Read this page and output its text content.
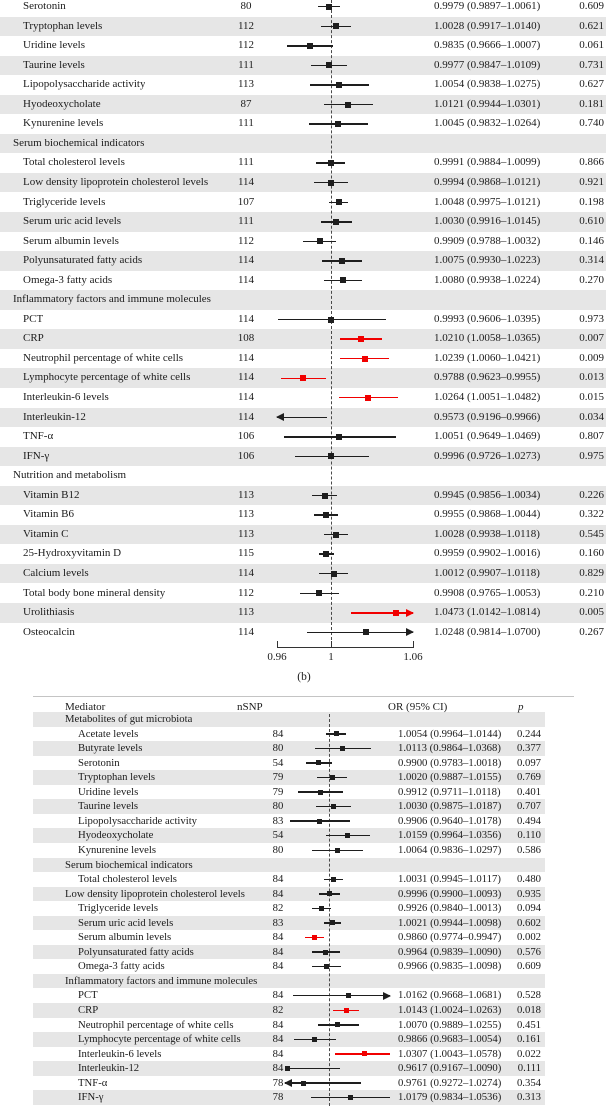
Serotonin	80	0.9979 (0.9897–1.0061)	0.609
Tryptophan levels	112	1.0028 (0.9917–1.0140)	0.621
Uridine levels	112	0.9835 (0.9666–1.0007)	0.061
Taurine levels	111	0.9977 (0.9847–1.0109)	0.731
Lipopolysaccharide activity	113	1.0054 (0.9838–1.0275)	0.627
Hyodeoxycholate	87	1.0121 (0.9944–1.0301)	0.181
Kynurenine levels	111	1.0045 (0.9832–1.0264)	0.740
Serum biochemical indicators
Total cholesterol levels	111	0.9991 (0.9884–1.0099)	0.866
Low density lipoprotein cholesterol levels	114	0.9994 (0.9868–1.0121)	0.921
Triglyceride levels	107	1.0048 (0.9975–1.0121)	0.198
Serum uric acid levels	111	1.0030 (0.9916–1.0145)	0.610
Serum albumin levels	112	0.9909 (0.9788–1.0032)	0.146
Polyunsaturated fatty acids	114	1.0075 (0.9930–1.0223)	0.314
Omega-3 fatty acids	114	1.0080 (0.9938–1.0224)	0.270
Inflammatory factors and immune molecules
PCT	114	0.9993 (0.9606–1.0395)	0.973
CRP	108	1.0210 (1.0058–1.0365)	0.007
Neutrophil percentage of white cells	114	1.0239 (1.0060–1.0421)	0.009
Lymphocyte percentage of white cells	114	0.9788 (0.9623–0.9955)	0.013
Interleukin-6 levels	114	1.0264 (1.0051–1.0482)	0.015
Interleukin-12	114	0.9573 (0.9196–0.9966)	0.034
TNF-α	106	1.0051 (0.9649–1.0469)	0.807
IFN-γ	106	0.9996 (0.9726–1.0273)	0.975
Nutrition and metabolism
Vitamin B12	113	0.9945 (0.9856–1.0034)	0.226
Vitamin B6	113	0.9955 (0.9868–1.0044)	0.322
Vitamin C	113	1.0028 (0.9938–1.0118)	0.545
25-Hydroxyvitamin D	115	0.9959 (0.9902–1.0016)	0.160
Calcium levels	114	1.0012 (0.9907–1.0118)	0.829
Total body bone mineral density	112	0.9908 (0.9765–1.0053)	0.210
Urolithiasis	113	1.0473 (1.0142–1.0814)	0.005
Osteocalcin	114	1.0248 (0.9814–1.0700)	0.267
Metabolites of gut microbiota
Acetate levels	84	1.0054 (0.9964–1.0144)	0.244
Butyrate levels	80	1.0113 (0.9864–1.0368)	0.377
Serotonin	54	0.9900 (0.9783–1.0018)	0.097
Tryptophan levels	79	1.0020 (0.9887–1.0155)	0.769
Uridine levels	79	0.9912 (0.9711–1.0118)	0.401
Taurine levels	80	1.0030 (0.9875–1.0187)	0.707
Lipopolysaccharide activity	83	0.9906 (0.9640–1.0178)	0.494
Hyodeoxycholate	54	1.0159 (0.9964–1.0356)	0.110
Kynurenine levels	80	1.0064 (0.9836–1.0297)	0.586
Serum biochemical indicators
Total cholesterol levels	84	1.0031 (0.9945–1.0117)	0.480
Low density lipoprotein cholesterol levels	84	0.9996 (0.9900–1.0093)	0.935
Triglyceride levels	82	0.9926 (0.9840–1.0013)	0.094
Serum uric acid levels	83	1.0021 (0.9944–1.0098)	0.602
Serum albumin levels	84	0.9860 (0.9774–0.9947)	0.002
Polyunsaturated fatty acids	84	0.9964 (0.9839–1.0090)	0.576
Omega-3 fatty acids	84	0.9966 (0.9835–1.0098)	0.609
Inflammatory factors and immune molecules
PCT	84	1.0162 (0.9668–1.0681)	0.528
CRP	82	1.0143 (1.0024–1.0263)	0.018
Neutrophil percentage of white cells	84	1.0070 (0.9889–1.0255)	0.451
Lymphocyte percentage of white cells	84	0.9866 (0.9683–1.0054)	0.161
Interleukin-6 levels	84	1.0307 (1.0043–1.0578)	0.022
Interleukin-12	84	0.9617 (0.9167–1.0090)	0.111
TNF-α	78	0.9761 (0.9272–1.0274)	0.354
IFN-γ	78	1.0179 (0.9834–1.0536)	0.313
0.96	1	1.06
(b)
Mediator	nSNP	OR (95% CI)	p
